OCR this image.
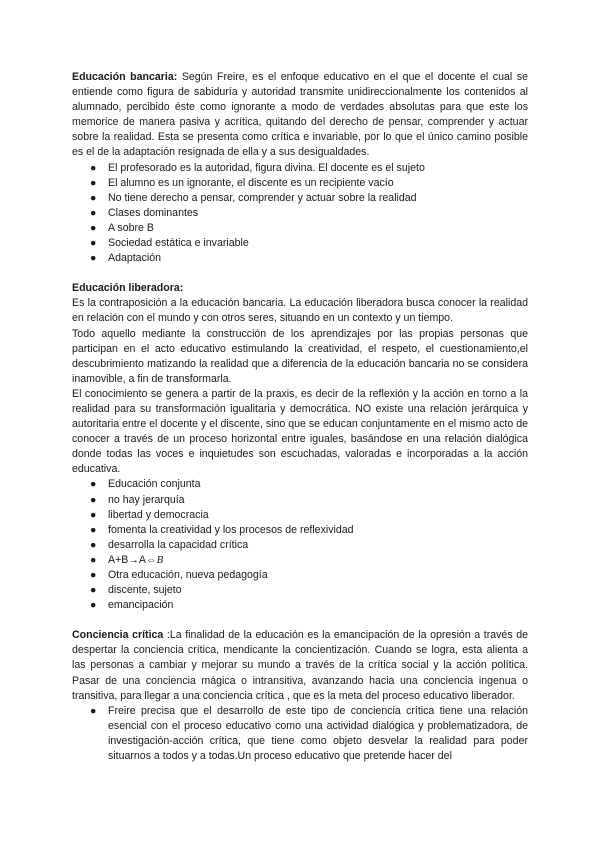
Educación bancaria: Según Freire, es el enfoque educativo en el que el docente el cual se entiende como figura de sabiduría y autoridad transmite unidireccionalmente los contenidos al alumnado, percibido éste como ignorante a modo de verdades absolutas para que este los memorice de manera pasiva y acrítica, quitando del derecho de pensar, comprender y actuar sobre la realidad. Esta se presenta como crítica e invariable, por lo que el único camino posible es el de la adaptación resignada de ella y a sus desigualdades.

● El profesorado es la autoridad, figura divina. El docente es el sujeto
● El alumno es un ignorante, el discente es un recipiente vacío
● No tiene derecho a pensar, comprender y actuar sobre la realidad
● Clases dominantes
● A sobre B
● Sociedad estática e invariable
● Adaptación

Educación liberadora:

Es la contraposición a la educación bancaria. La educación liberadora busca conocer la realidad en relación con el mundo y con otros seres, situando en un contexto y un tiempo.

Todo aquello mediante la construcción de los aprendizajes por las propias personas que participan en el acto educativo estimulando la creatividad, el respeto, el cuestionamiento,el descubrimiento matizando la realidad que a diferencia de la educación bancaria no se considera inamovible, a fin de transformarla.

El conocimiento se genera a partir de la praxis, es decir de la reflexión y la acción en torno a la realidad para su transformación igualitaria y democrática. NO existe una relación jerárquica y autoritaria entre el docente y el discente, sino que se educan conjuntamente en el mismo acto de conocer a través de un proceso horizontal entre iguales, basándose en una relación dialógica donde todas las voces e inquietudes son escuchadas, valoradas e incorporadas a la acción educativa.

● Educación conjunta
● no hay jerarquía
● libertad y democracia
● fomenta la creatividad y los procesos de reflexividad
● desarrolla la capacidad crítica
● A+B→A⇔B
● Otra educación, nueva pedagogía
● discente, sujeto
● emancipación

Conciencia crítica :La finalidad de la educación es la emancipación de la opresión a través de despertar la conciencia crítica, mendicante la concientización. Cuando se logra, esta alienta a las personas a cambiar y mejorar su mundo a través de la crítica social y la acción política. Pasar de una conciencia mágica o intransitiva, avanzando hacia una conciencia ingenua o transitiva, para llegar a una conciencia crítica , que es la meta del proceso educativo liberador.

● Freire precisa que el desarrollo de este tipo de conciencia crítica tiene una relación esencial con el proceso educativo como una actividad dialógica y problematizadora, de investigación-acción crítica, que tiene como objeto desvelar la realidad para poder situarnos a todos y a todas.Un proceso educativo que pretende hacer del
